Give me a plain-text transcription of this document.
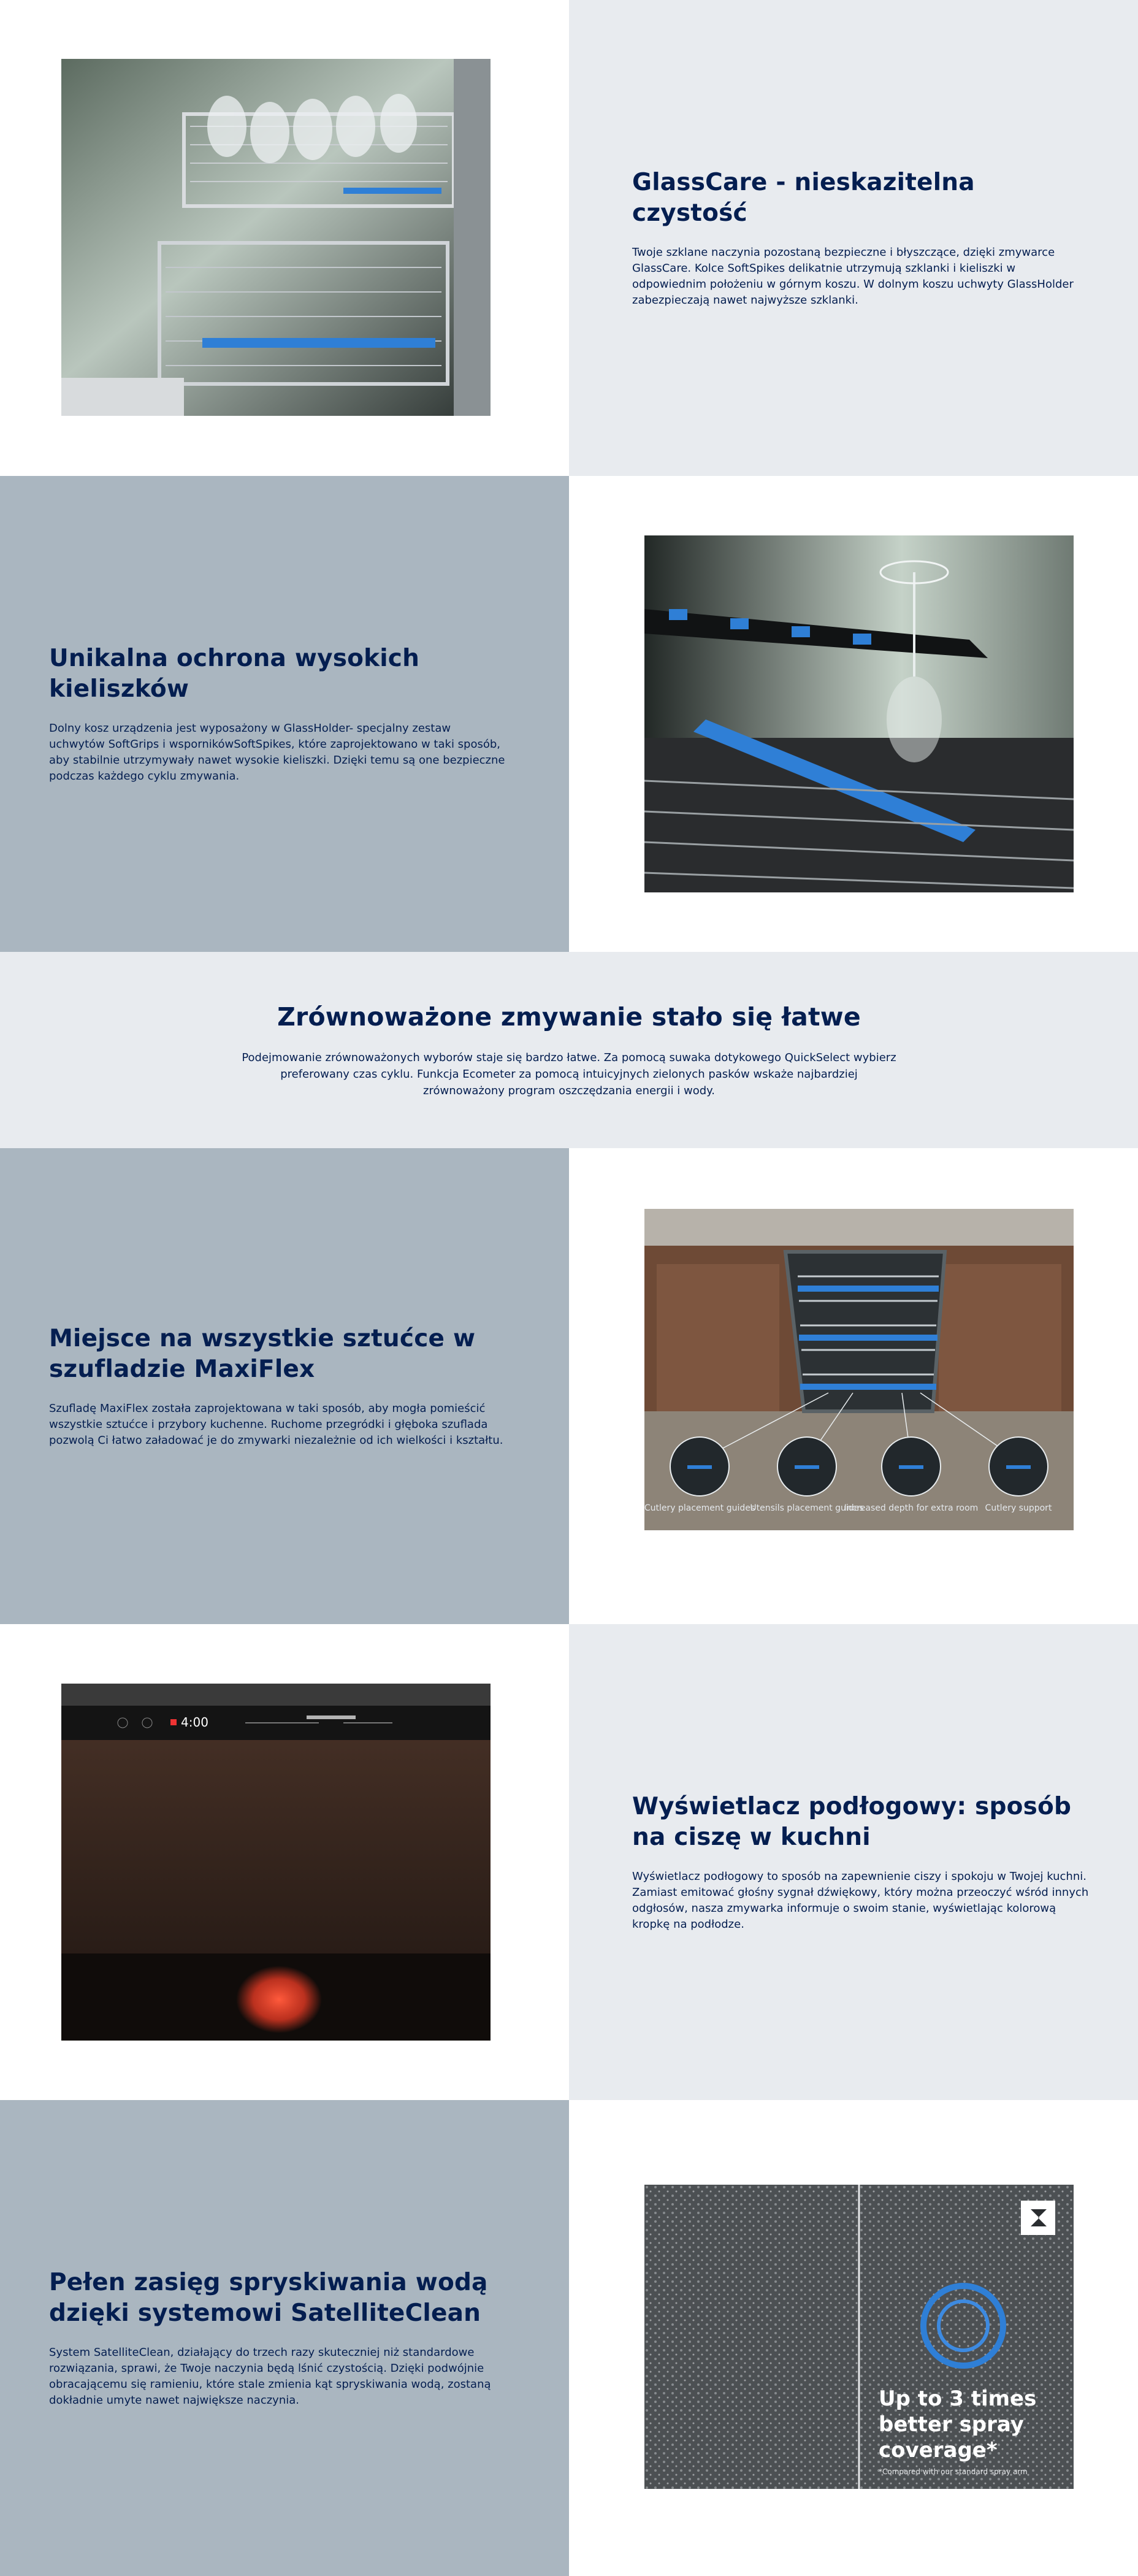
GlassCare - nieskazitelna czystość

Twoje szklane naczynia pozostaną bezpieczne i błyszczące, dzięki zmywarce GlassCare. Kolce SoftSpikes delikatnie utrzymują szklanki i kieliszki w odpowiednim położeniu w górnym koszu. W dolnym koszu uchwyty GlassHolder zabezpieczają nawet najwyższe szklanki.

Unikalna ochrona wysokich kieliszków

Dolny kosz urządzenia jest wyposażony w GlassHolder- specjalny zestaw uchwytów SoftGrips i wspornikówSoftSpikes, które zaprojektowano w taki sposób, aby stabilnie utrzymywały nawet wysokie kieliszki. Dzięki temu są one bezpieczne podczas każdego cyklu zmywania.

Zrównoważone zmywanie stało się łatwe

Podejmowanie zrównoważonych wyborów staje się bardzo łatwe. Za pomocą suwaka dotykowego QuickSelect wybierz preferowany czas cyklu. Funkcja Ecometer za pomocą intuicyjnych zielonych pasków wskaże najbardziej zrównoważony program oszczędzania energii i wody.

Miejsce na wszystkie sztućce w szufladzie MaxiFlex

Szufladę MaxiFlex została zaprojektowana w taki sposób, aby mogła pomieścić wszystkie sztućce i przybory kuchenne. Ruchome przegródki i głęboka szuflada pozwolą Ci łatwo załadować je do zmywarki niezależnie od ich wielkości i kształtu.

Cutlery placement guides
Utensils placement guides
Increased depth for extra room Cutlery support
4:00
Wyświetlacz podłogowy: sposób na ciszę w kuchni

Wyświetlacz podłogowy to sposób na zapewnienie ciszy i spokoju w Twojej kuchni. Zamiast emitować głośny sygnał dźwiękowy, który można przeoczyć wśród innych odgłosów, nasza zmywarka informuje o swoim stanie, wyświetlając kolorową kropkę na podłodze.

Pełen zasięg spryskiwania wodą dzięki systemowi SatelliteClean

System SatelliteClean, działający do trzech razy skuteczniej niż standardowe rozwiązania, sprawi, że Twoje naczynia będą lśnić czystością. Dzięki podwójnie obracającemu się ramieniu, które stale zmienia kąt spryskiwania wodą, zostaną dokładnie umyte nawet największe naczynia.	Up to 3 times
better spray
coverage*
*Compared with our standard spray arm
